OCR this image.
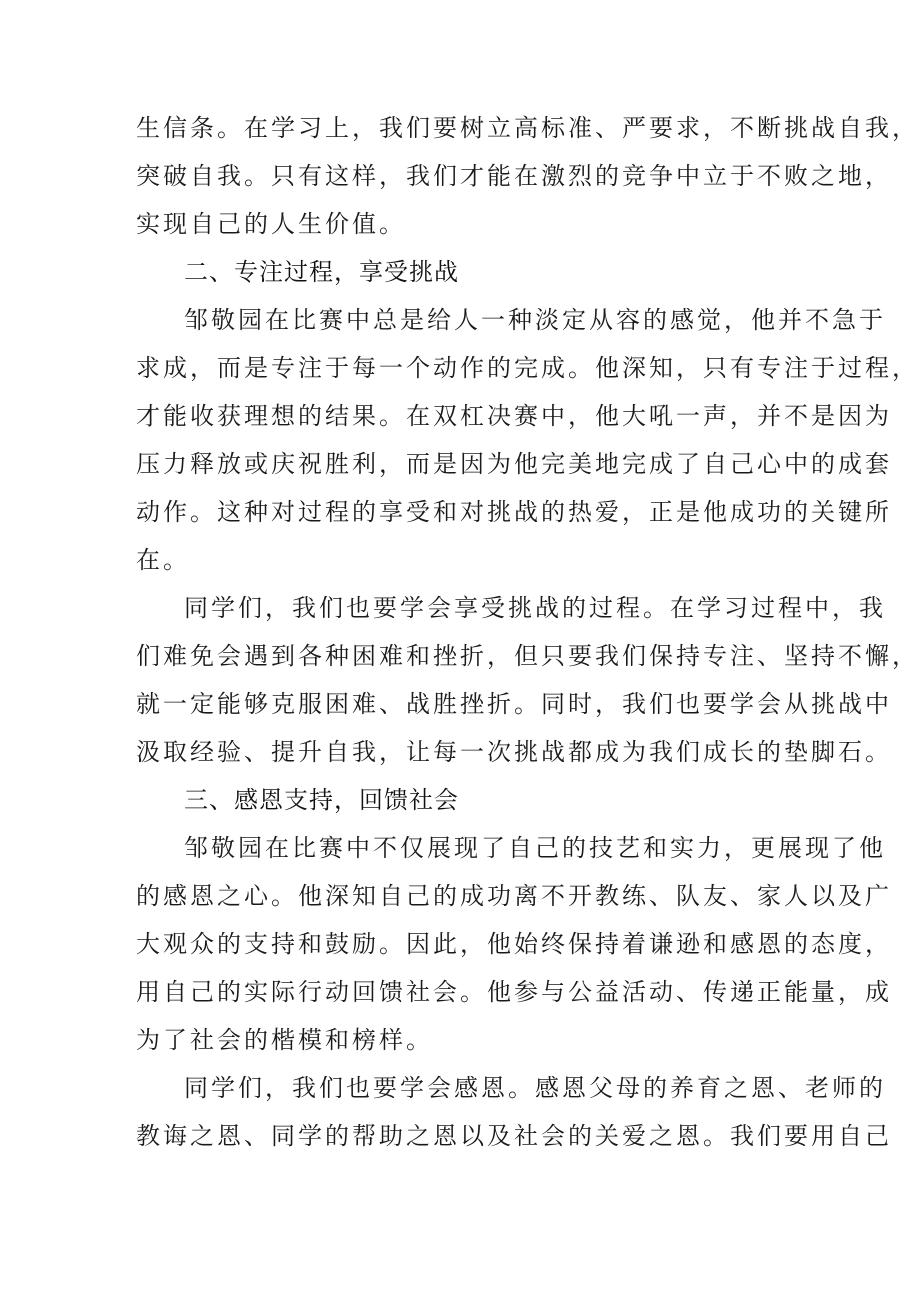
生信条。在学习上，我们要树立高标准、严要求，不断挑战自我，
突破自我。只有这样，我们才能在激烈的竞争中立于不败之地，
实现自己的人生价值。
二、专注过程，享受挑战
邹敬园在比赛中总是给人一种淡定从容的感觉，他并不急于
求成，而是专注于每一个动作的完成。他深知，只有专注于过程，
才能收获理想的结果。在双杠决赛中，他大吼一声，并不是因为
压力释放或庆祝胜利，而是因为他完美地完成了自己心中的成套
动作。这种对过程的享受和对挑战的热爱，正是他成功的关键所
在。
同学们，我们也要学会享受挑战的过程。在学习过程中，我
们难免会遇到各种困难和挫折，但只要我们保持专注、坚持不懈，
就一定能够克服困难、战胜挫折。同时，我们也要学会从挑战中
汲取经验、提升自我，让每一次挑战都成为我们成长的垫脚石。
三、感恩支持，回馈社会
邹敬园在比赛中不仅展现了自己的技艺和实力，更展现了他
的感恩之心。他深知自己的成功离不开教练、队友、家人以及广
大观众的支持和鼓励。因此，他始终保持着谦逊和感恩的态度，
用自己的实际行动回馈社会。他参与公益活动、传递正能量，成
为了社会的楷模和榜样。
同学们，我们也要学会感恩。感恩父母的养育之恩、老师的
教诲之恩、同学的帮助之恩以及社会的关爱之恩。我们要用自己
